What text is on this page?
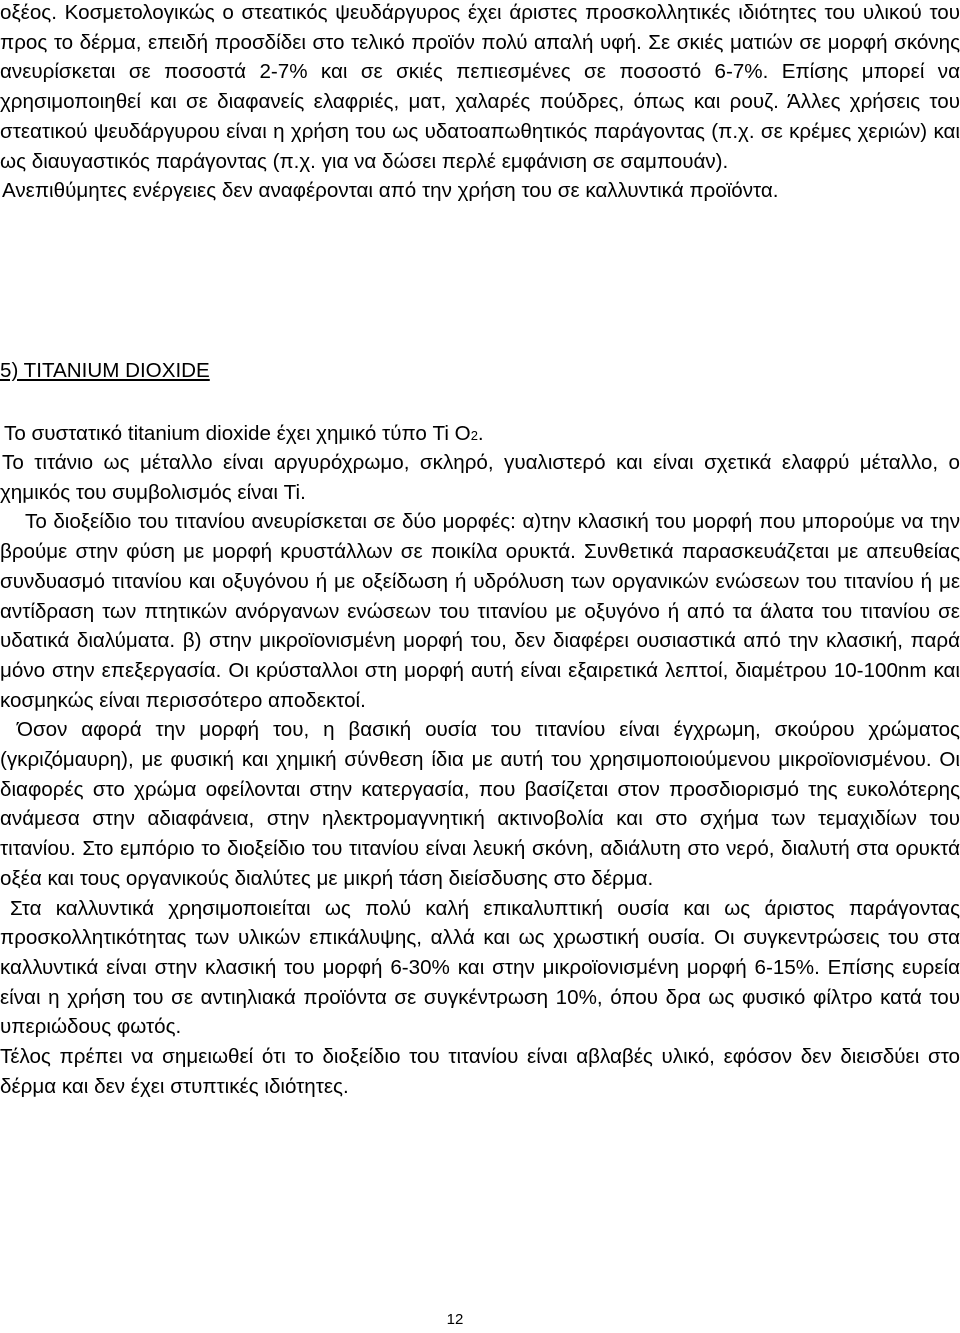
οξέος. Κοσμετολογικώς ο στεατικός ψευδάργυρος έχει άριστες προσκολλητικές ιδιότητες του υλικού του προς το δέρμα, επειδή προσδίδει στο τελικό προϊόν πολύ απαλή υφή. Σε σκιές ματιών σε μορφή σκόνης ανευρίσκεται σε ποσοστά 2-7% και σε σκιές πεπιεσμένες σε ποσοστό 6-7%. Επίσης μπορεί να χρησιμοποιηθεί και σε διαφανείς ελαφριές, ματ, χαλαρές πούδρες, όπως και ρουζ. Άλλες χρήσεις του στεατικού ψευδάργυρου είναι η χρήση του ως υδατοαπωθητικός παράγοντας (π.χ. σε κρέμες χεριών) και ως διαυγαστικός παράγοντας (π.χ. για να δώσει περλέ εμφάνιση σε σαμπουάν).
Ανεπιθύμητες ενέργειες δεν αναφέρονται από την χρήση του σε καλλυντικά προϊόντα.
5) TITANIUM DIOXIDE
Το συστατικό titanium dioxide έχει χημικό τύπο Ti O2.
Το τιτάνιο ως μέταλλο είναι αργυρόχρωμο, σκληρό, γυαλιστερό και είναι σχετικά ελαφρύ μέταλλο, ο χημικός του συμβολισμός είναι Ti.
Το διοξείδιο του τιτανίου ανευρίσκεται σε δύο μορφές: α)την κλασική του μορφή που μπορούμε να την βρούμε στην φύση με μορφή κρυστάλλων σε ποικίλα ορυκτά. Συνθετικά παρασκευάζεται με απευθείας συνδυασμό τιτανίου και οξυγόνου ή με οξείδωση ή υδρόλυση των οργανικών ενώσεων του τιτανίου ή με αντίδραση των πτητικών ανόργανων ενώσεων του τιτανίου με οξυγόνο ή από τα άλατα του τιτανίου σε υδατικά διαλύματα. β) στην μικροϊονισμένη μορφή του, δεν διαφέρει ουσιαστικά από την κλασική, παρά μόνο στην επεξεργασία. Οι κρύσταλλοι στη μορφή αυτή είναι εξαιρετικά λεπτοί, διαμέτρου 10-100nm και κοσμηκώς είναι περισσότερο αποδεκτοί.
Όσον αφορά την μορφή του, η βασική ουσία του τιτανίου είναι έγχρωμη, σκούρου χρώματος (γκριζόμαυρη), με φυσική και χημική σύνθεση ίδια με αυτή του χρησιμοποιούμενου μικροϊονισμένου. Οι διαφορές στο χρώμα οφείλονται στην κατεργασία, που βασίζεται στον προσδιορισμό της ευκολότερης ανάμεσα στην αδιαφάνεια, στην ηλεκτρομαγνητική ακτινοβολία και στο σχήμα των τεμαχιδίων του τιτανίου. Στο εμπόριο το διοξείδιο του τιτανίου είναι λευκή σκόνη, αδιάλυτη στο νερό, διαλυτή στα ορυκτά οξέα και τους οργανικούς διαλύτες με μικρή τάση διείσδυσης στο δέρμα.
Στα καλλυντικά χρησιμοποιείται ως πολύ καλή επικαλυπτική ουσία και ως άριστος παράγοντας προσκολλητικότητας των υλικών επικάλυψης, αλλά και ως χρωστική ουσία. Οι συγκεντρώσεις του στα καλλυντικά είναι στην κλασική του μορφή 6-30% και στην μικροϊονισμένη μορφή 6-15%. Επίσης ευρεία είναι η χρήση του σε αντιηλιακά προϊόντα σε συγκέντρωση 10%, όπου δρα ως φυσικό φίλτρο κατά του υπεριώδους φωτός.
Τέλος πρέπει να σημειωθεί ότι το διοξείδιο του τιτανίου είναι αβλαβές υλικό, εφόσον δεν διεισδύει στο δέρμα και δεν έχει στυπτικές ιδιότητες.
12
